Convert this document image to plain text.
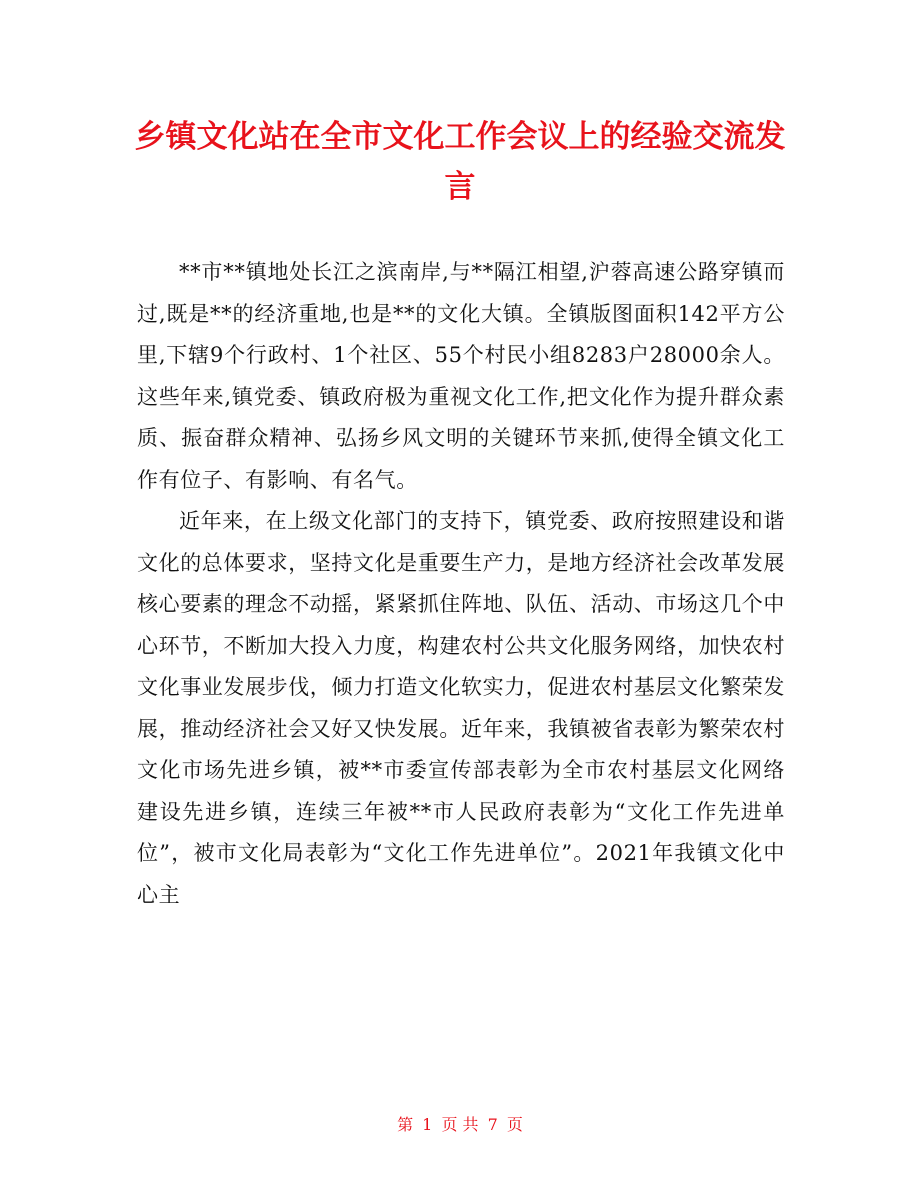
乡镇文化站在全市文化工作会议上的经验交流发言

**市**镇地处长江之滨南岸,与**隔江相望,沪蓉高速公路穿镇而过,既是**的经济重地,也是**的文化大镇。全镇版图面积142平方公里,下辖9个行政村、1个社区、55个村民小组8283户28000余人。这些年来,镇党委、镇政府极为重视文化工作,把文化作为提升群众素质、振奋群众精神、弘扬乡风文明的关键环节来抓,使得全镇文化工作有位子、有影响、有名气。

近年来，在上级文化部门的支持下，镇党委、政府按照建设和谐文化的总体要求，坚持文化是重要生产力，是地方经济社会改革发展核心要素的理念不动摇，紧紧抓住阵地、队伍、活动、市场这几个中心环节，不断加大投入力度，构建农村公共文化服务网络，加快农村文化事业发展步伐，倾力打造文化软实力，促进农村基层文化繁荣发展，推动经济社会又好又快发展。近年来，我镇被省表彰为繁荣农村文化市场先进乡镇，被**市委宣传部表彰为全市农村基层文化网络建设先进乡镇，连续三年被**市人民政府表彰为“文化工作先进单位”，被市文化局表彰为“文化工作先进单位”。2021年我镇文化中心主

第 1 页 共 7 页
